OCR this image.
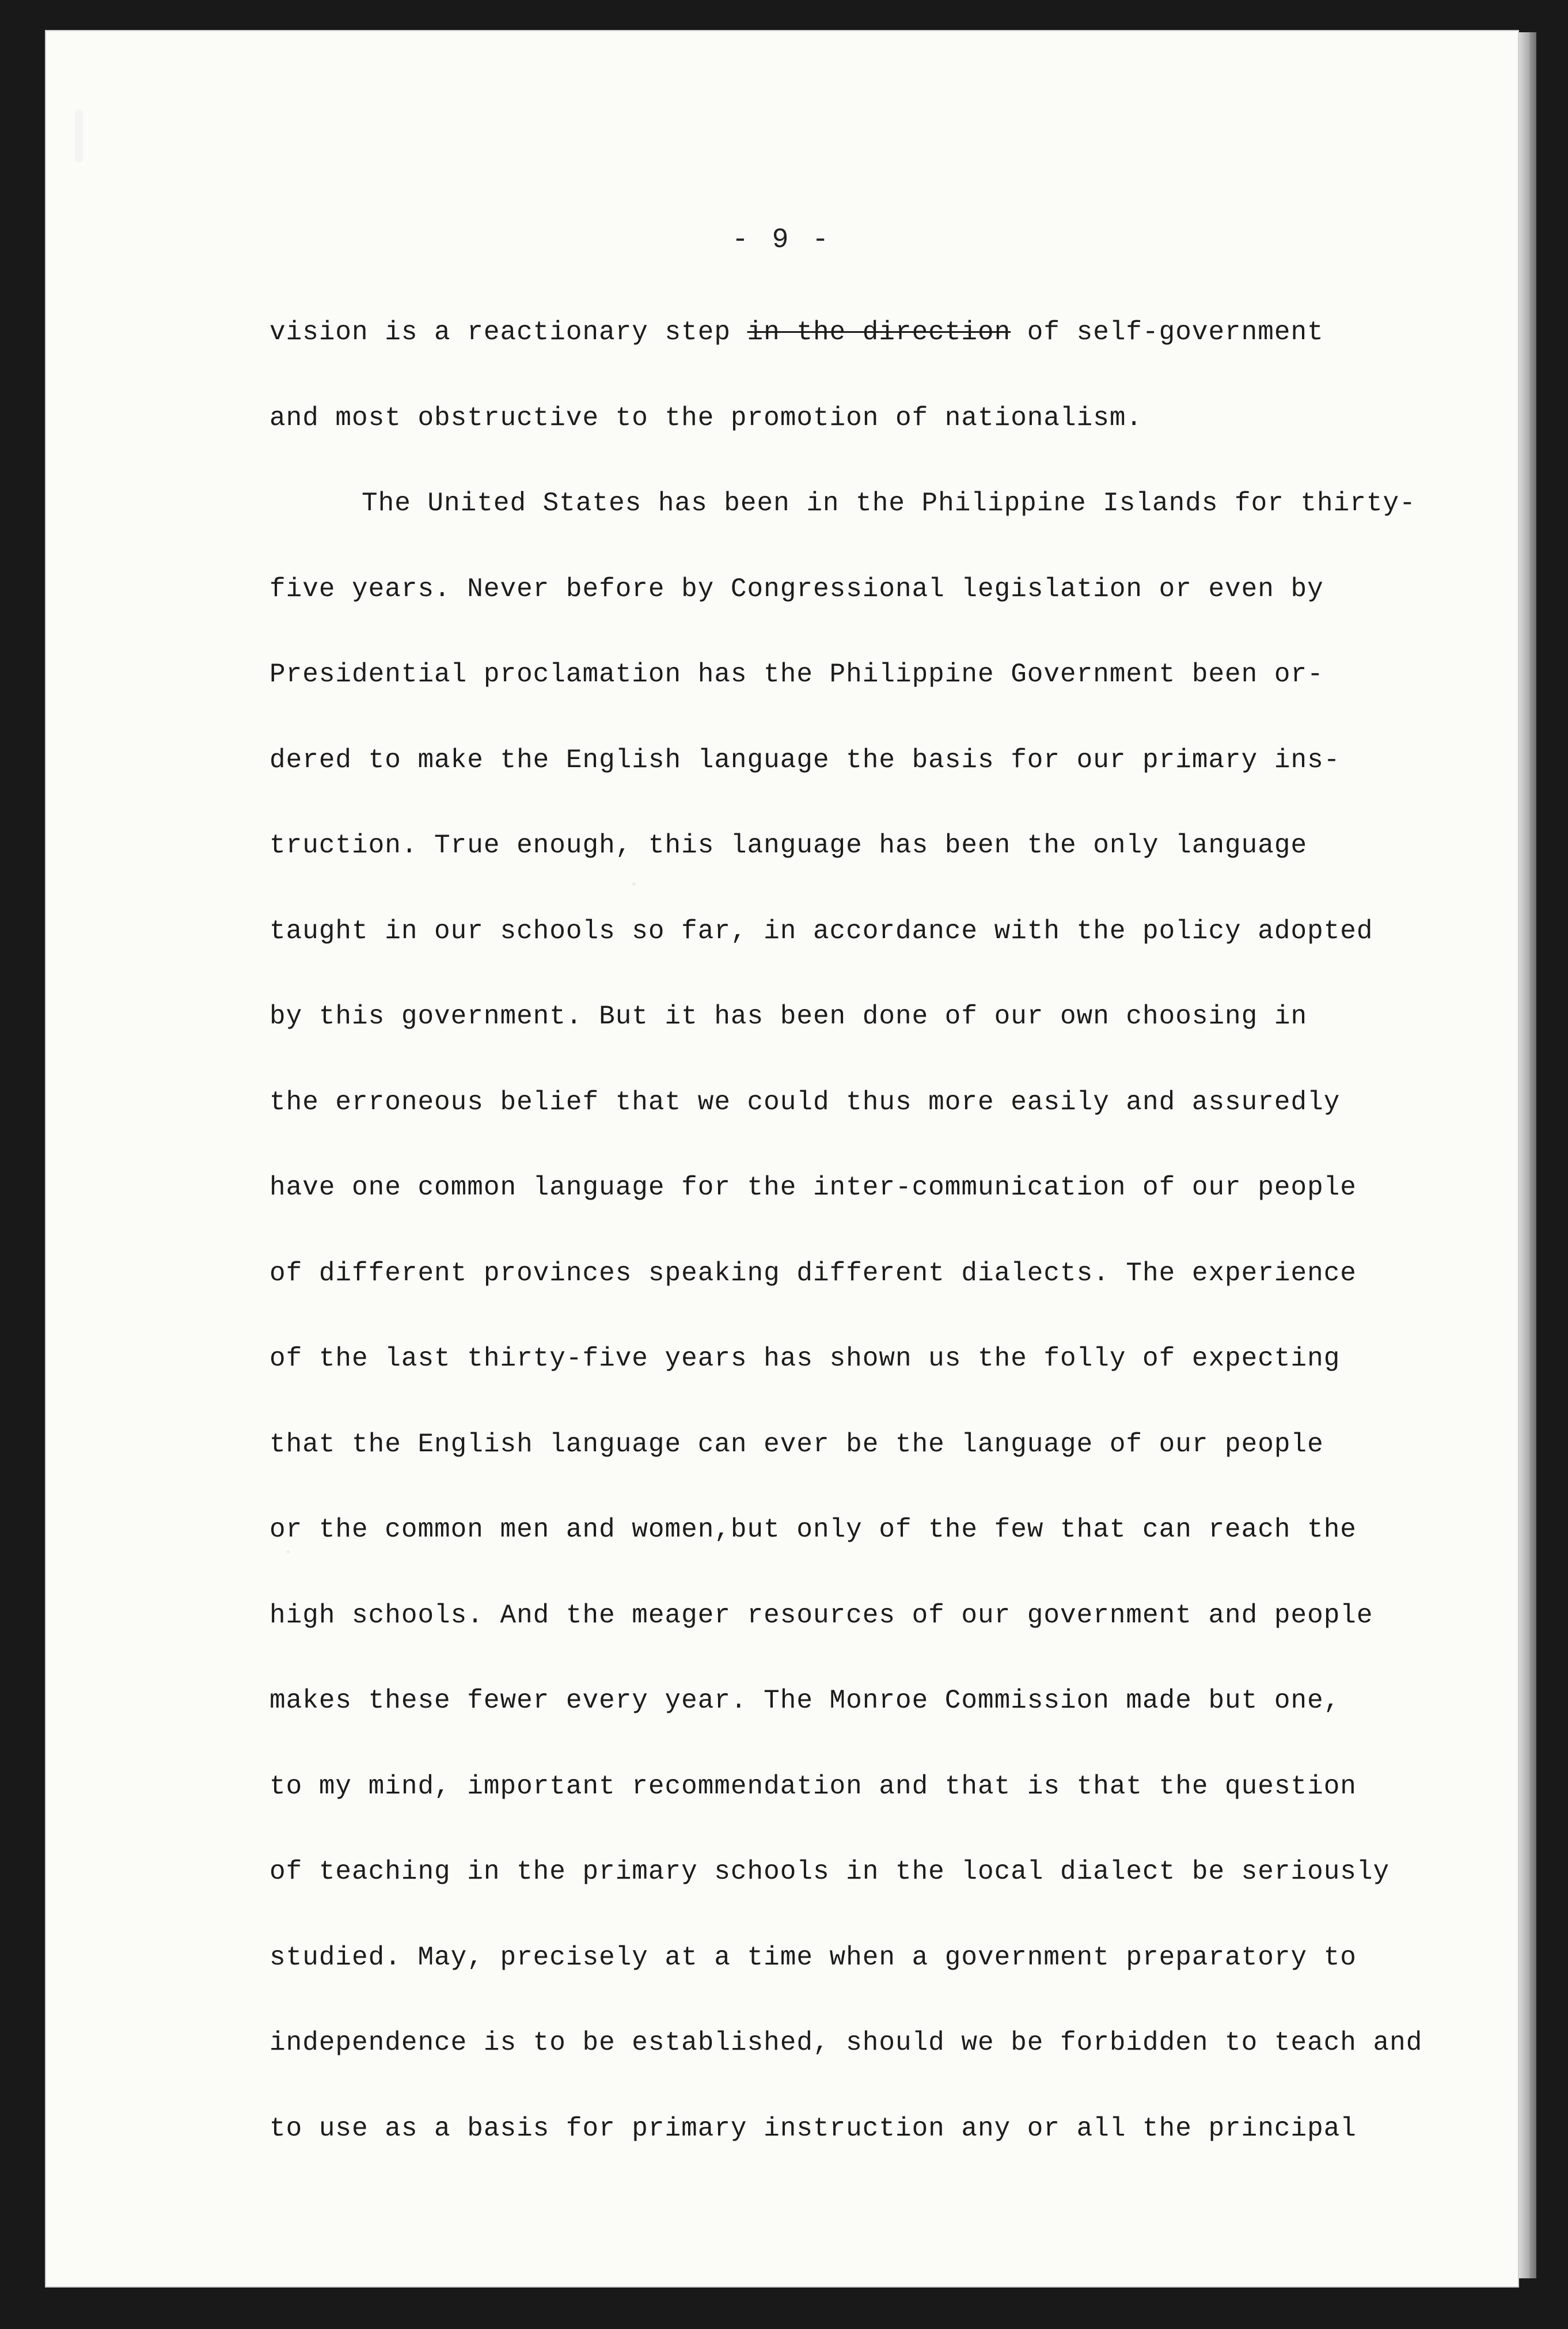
- 9 -
vision is a reactionary step in the direction of self-government
and most obstructive to the promotion of nationalism.
The United States has been in the Philippine Islands for thirty-
five years. Never before by Congressional legislation or even by
Presidential proclamation has the Philippine Government been or-
dered to make the English language the basis for our primary ins-
truction. True enough, this language has been the only language
taught in our schools so far, in accordance with the policy adopted
by this government. But it has been done of our own choosing in
the erroneous belief that we could thus more easily and assuredly
have one common language for the inter-communication of our people
of different provinces speaking different dialects. The experience
of the last thirty-five years has shown us the folly of expecting
that the English language can ever be the language of our people
or the common men and women,but only of the few that can reach the
high schools. And the meager resources of our government and people
makes these fewer every year. The Monroe Commission made but one,
to my mind, important recommendation and that is that the question
of teaching in the primary schools in the local dialect be seriously
studied. May, precisely at a time when a government preparatory to
independence is to be established, should we be forbidden to teach and
to use as a basis for primary instruction any or all the principal
